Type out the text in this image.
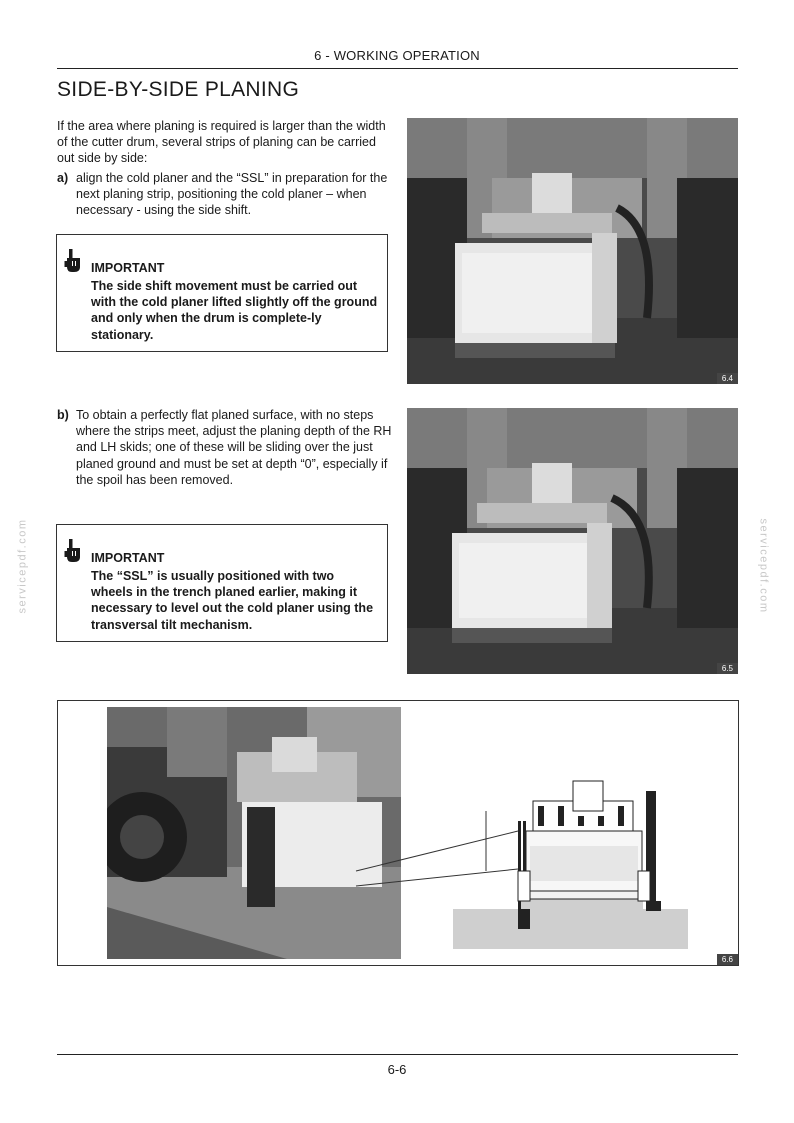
6 - WORKING OPERATION
SIDE-BY-SIDE PLANING
If the area where planing is required is larger than the width of the cutter drum, several strips of planing can be carried out side by side:
a) align the cold planer and the “SSL” in preparation for the next planing strip, positioning the cold planer – when necessary - using the side shift.
IMPORTANT
The side shift movement must be carried out with the cold planer lifted slightly off the ground and only when the drum is complete-ly stationary.
b) To obtain a perfectly flat planed surface, with no steps where the strips meet, adjust the planing depth of the RH and LH skids; one of these will be sliding over the just planed ground and must be set at depth “0”, especially if the spoil has been removed.
IMPORTANT
The “SSL” is usually positioned with two wheels in the trench planed earlier, making it necessary to level out the cold planer using the transversal tilt mechanism.
6.4
6.5
6.6
servicepdf.com	servicepdf.com
6-6
